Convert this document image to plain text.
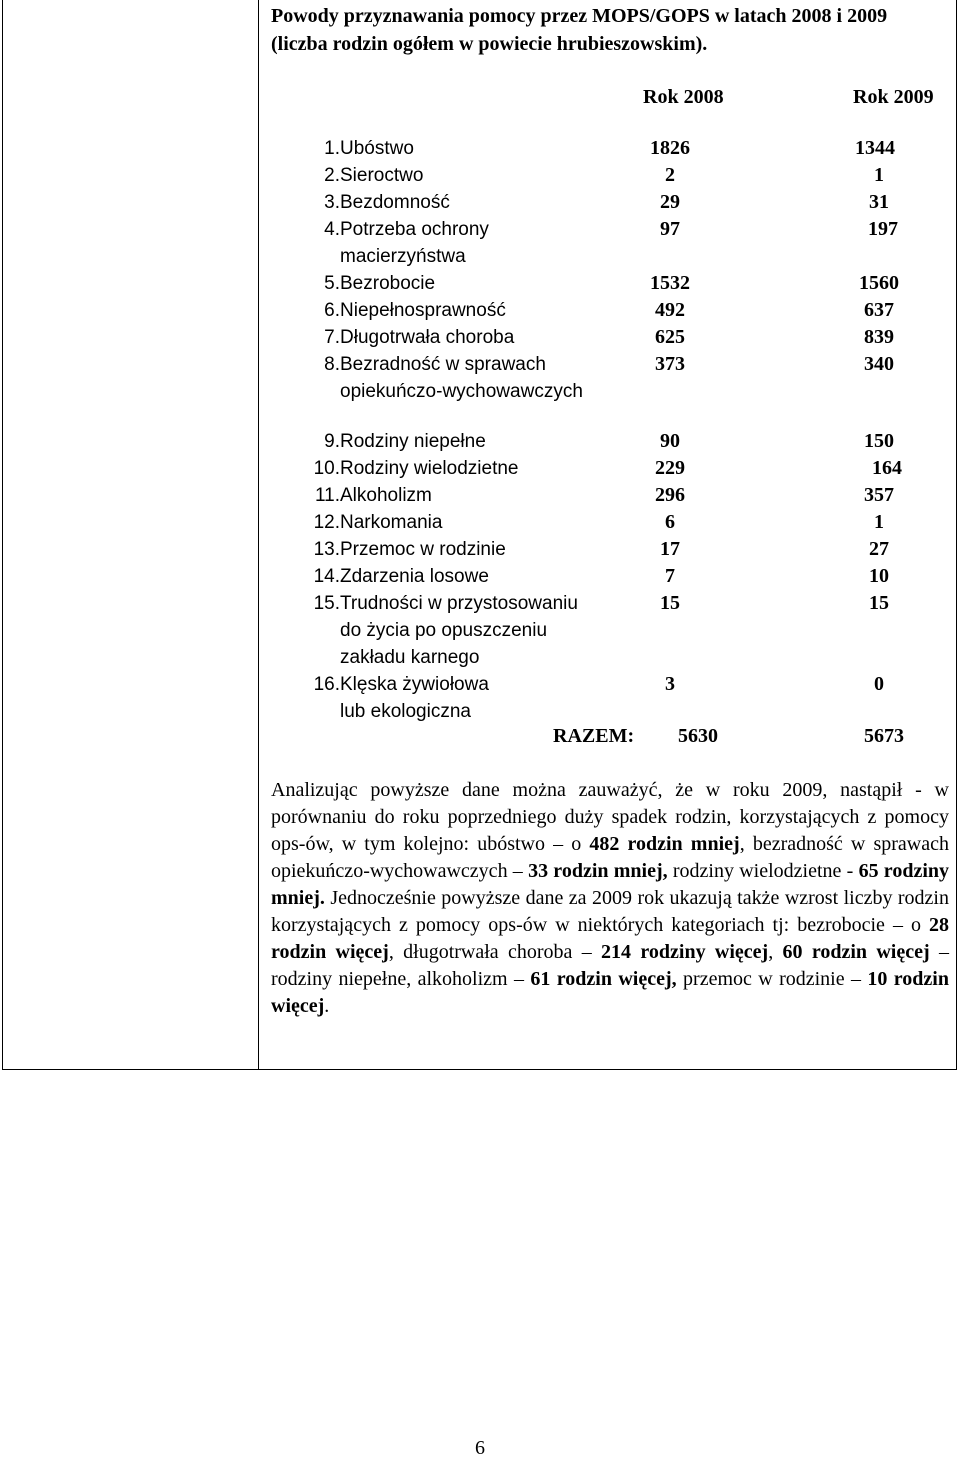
Powody przyznawania pomocy przez MOPS/GOPS w latach 2008 i 2009 (liczba rodzin ogółem w powiecie hrubieszowskim).

Rok 2008	Rok 2009
1. Ubóstwo	1826	1344
2. Sieroctwo	2	1
3. Bezdomność	29	31
4. Potrzeba ochrony
macierzyństwa
97	197
5. Bezrobocie	1532	1560
6. Niepełnosprawność	492	637
7. Długotrwała choroba	625	839
8. Bezradność w sprawach
opiekuńczo-wychowawczych
373	340
9. Rodziny niepełne	90	150
10. Rodziny wielodzietne	229	164
11. Alkoholizm	296	357
12. Narkomania	6	1
13. Przemoc w rodzinie	17	27
14. Zdarzenia losowe	7	10
15. Trudności w przystosowaniu
do życia po opuszczeniu
zakładu karnego
15	15
16. Klęska żywiołowa
lub ekologiczna
3	0
RAZEM: 5630	5673

Analizując powyższe dane można zauważyć, że w roku 2009, nastąpił - w porównaniu do roku poprzedniego duży spadek rodzin, korzystających z pomocy ops-ów, w tym kolejno: ubóstwo – o 482 rodzin mniej, bezradność w sprawach opiekuńczo-wychowawczych – 33 rodzin mniej, rodziny wielodzietne - 65 rodziny mniej. Jednocześnie powyższe dane za 2009 rok ukazują także wzrost liczby rodzin korzystających z pomocy ops-ów w niektórych kategoriach tj: bezrobocie – o 28 rodzin więcej, długotrwała choroba – 214 rodziny więcej, 60 rodzin więcej – rodziny niepełne, alkoholizm – 61 rodzin więcej, przemoc w rodzinie – 10 rodzin więcej.

6
